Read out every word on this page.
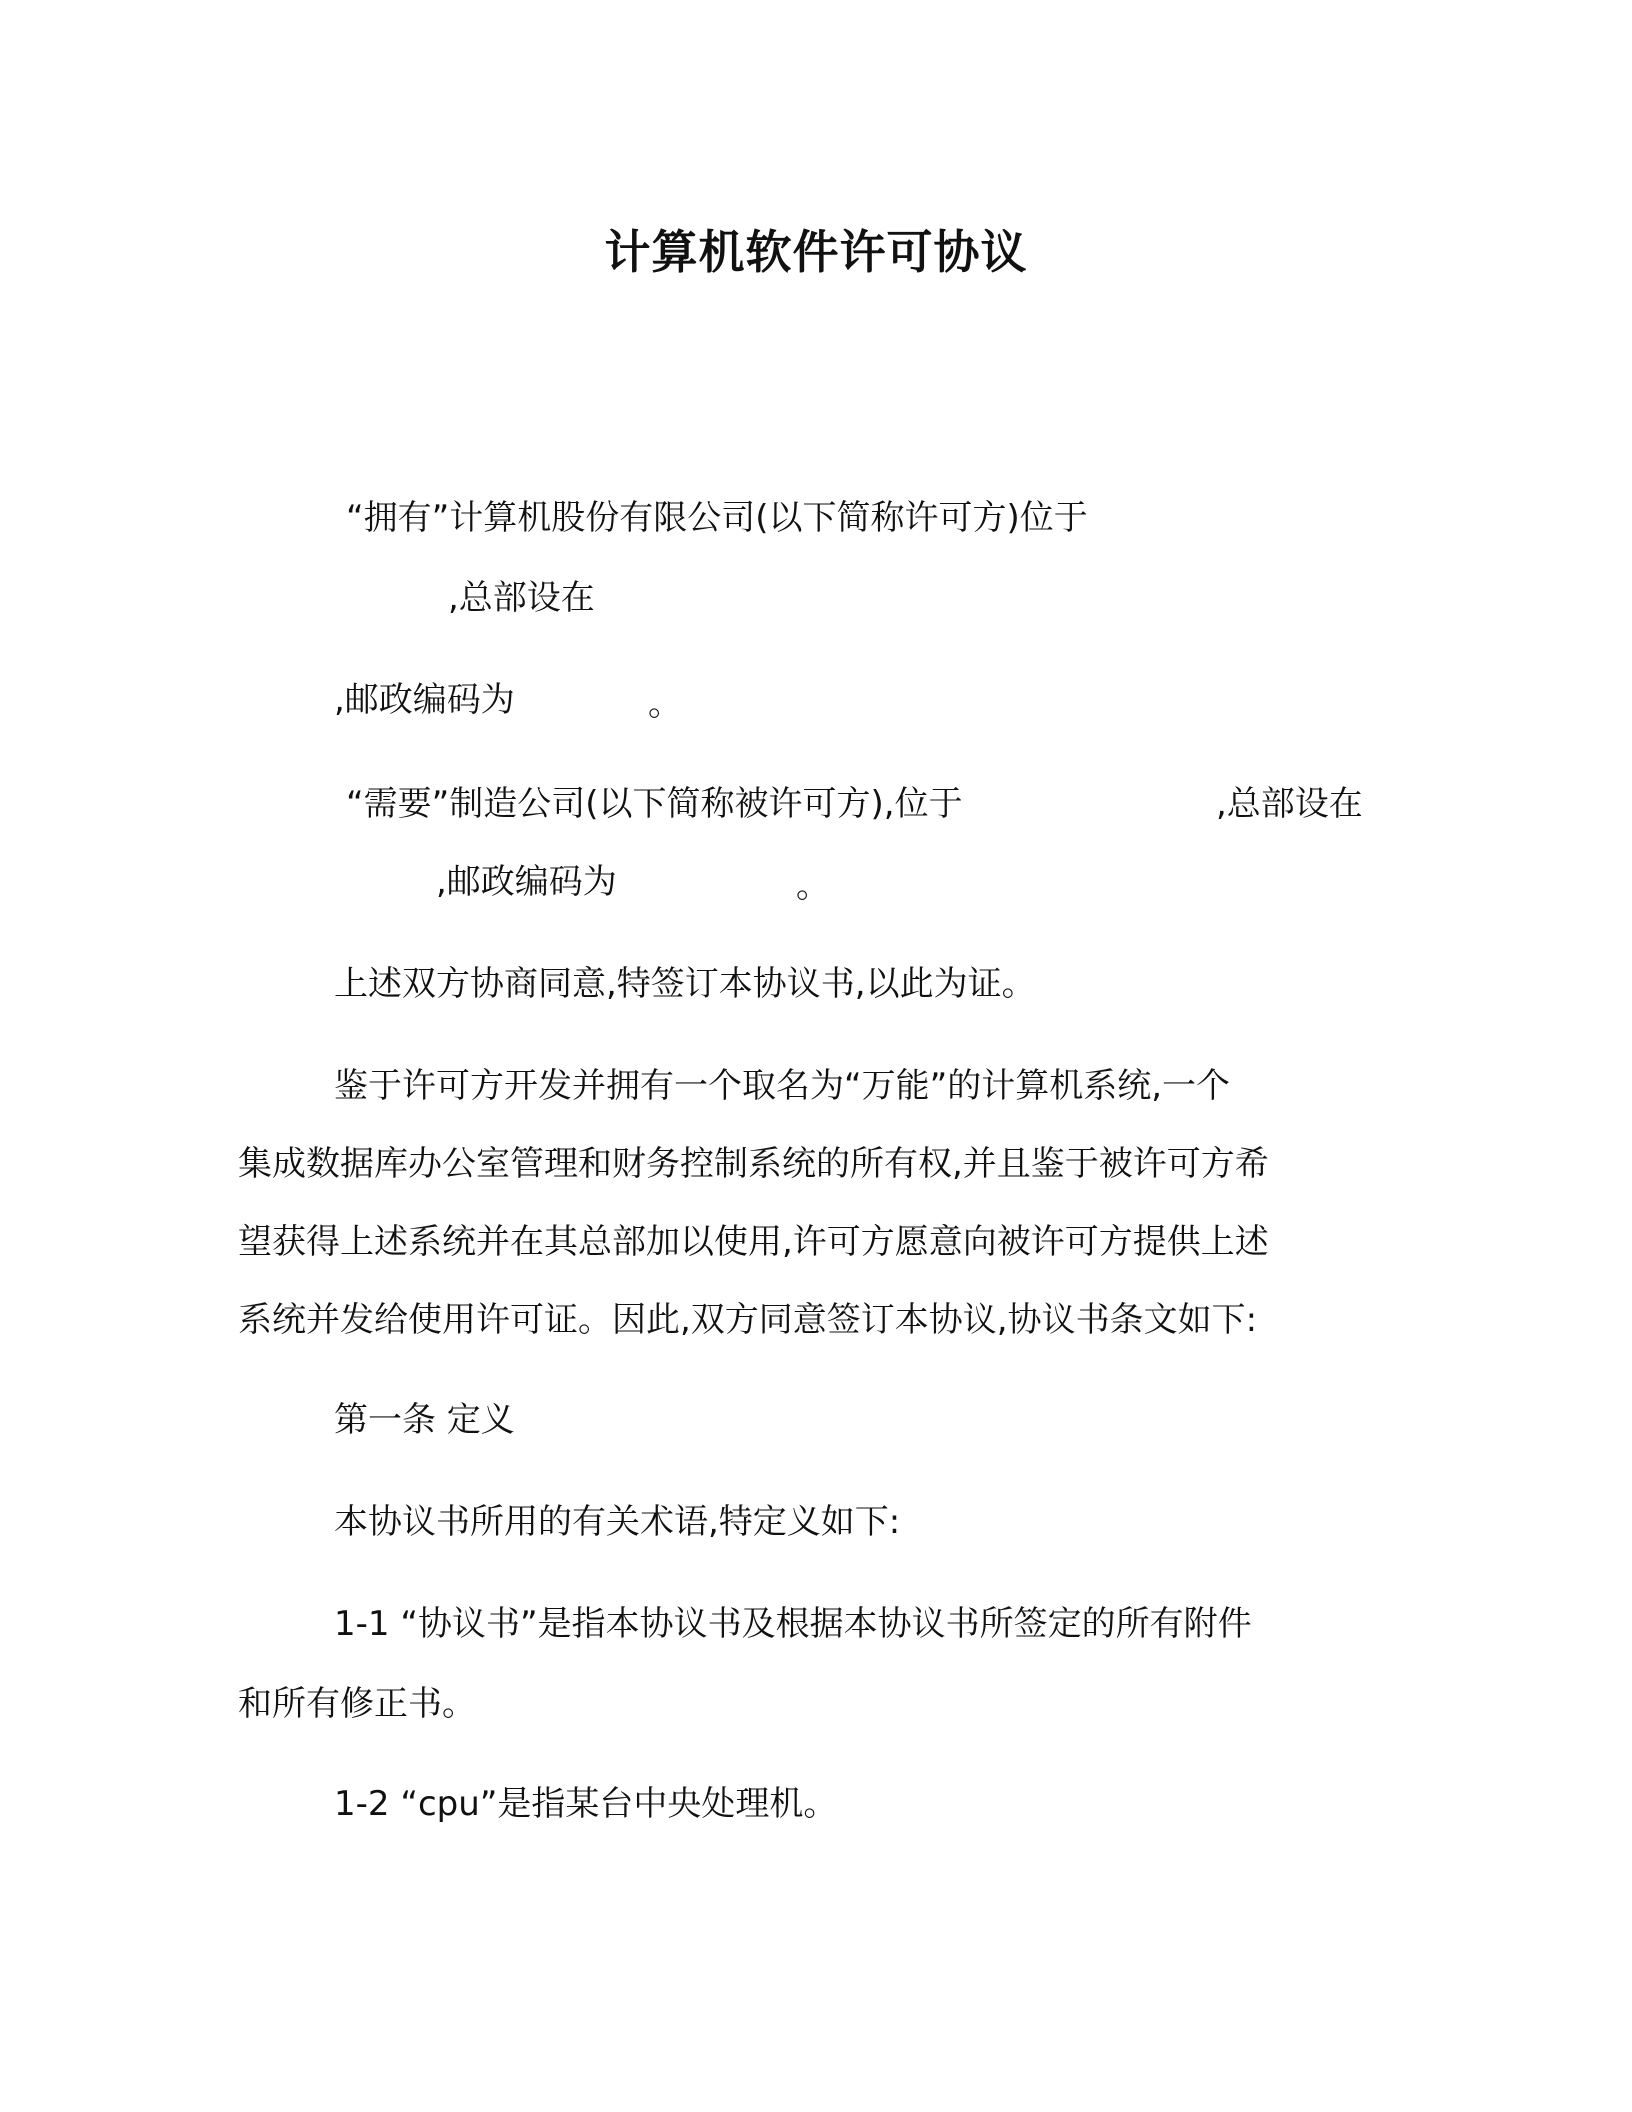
计算机软件许可协议

“拥有”计算机股份有限公司(以下简称许可方)位于

,总部设在

,邮政编码为	。

“需要”制造公司(以下简称被许可方),位于	,总部设在

,邮政编码为	。

上述双方协商同意,特签订本协议书,以此为证。

鉴于许可方开发并拥有一个取名为“万能”的计算机系统,一个

集成数据库办公室管理和财务控制系统的所有权,并且鉴于被许可方希

望获得上述系统并在其总部加以使用,许可方愿意向被许可方提供上述

系统并发给使用许可证。因此,双方同意签订本协议,协议书条文如下:

第一条 定义

本协议书所用的有关术语,特定义如下:

1-1 “协议书”是指本协议书及根据本协议书所签定的所有附件

和所有修正书。

1-2 “cpu”是指某台中央处理机。
